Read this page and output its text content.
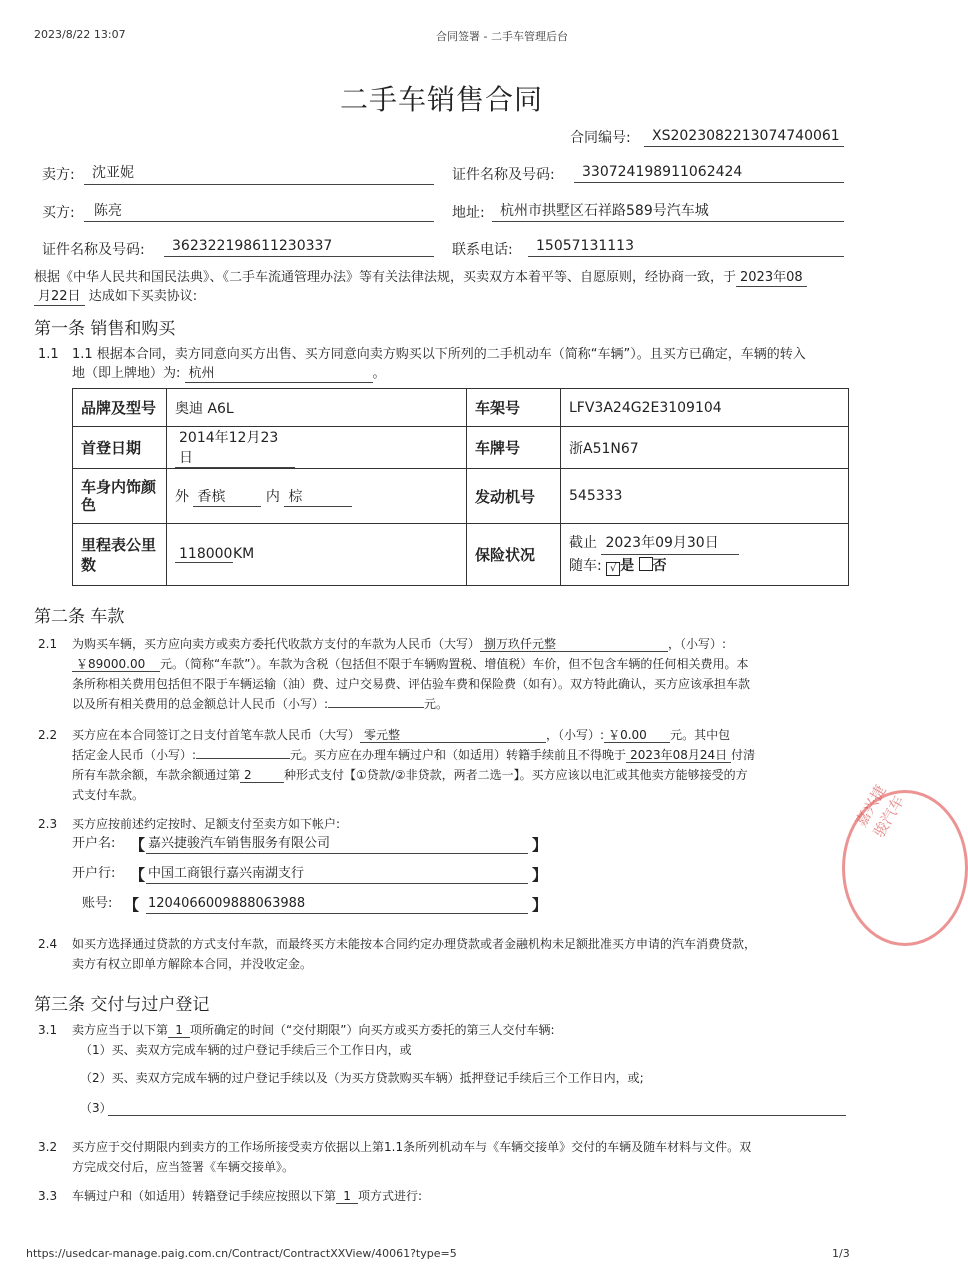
2023/8/22 13:07	合同签署 - 二手车管理后台
二手车销售合同
合同编号: XS2023082213074740061
卖方: 沈亚妮	证件名称及号码: 330724198911062424
买方: 陈亮	地址: 杭州市拱墅区石祥路589号汽车城
证件名称及号码: 362322198611230337	联系电话: 15057131113
根据《中华人民共和国民法典》、《二手车流通管理办法》等有关法律法规，买卖双方本着平等、自愿原则，经协商一致，于 2023年08
月22日 达成如下买卖协议:
第一条 销售和购买
1.1 1.1 根据本合同，卖方同意向买方出售、买方同意向卖方购买以下所列的二手机动车（简称“车辆”）。且买方已确定，车辆的转入
地（即上牌地）为: 杭州	。
品牌及型号	奥迪 A6L	车架号	LFV3A24G2E3109104
首登日期	2014年12月23日	车牌号	浙A51N67
车身内饰颜色	外 香槟 内 棕	发动机号	545333
里程表公里数	118000KM	保险状况	截止 2023年09月30日
随车: √ 是 否
第二条 车款
2.1 为购买车辆，买方应向卖方或卖方委托代收款方支付的车款为人民币（大写） 捌万玖仟元整	，（小写）:
￥89000.00 元。（简称“车款”）。车款为含税（包括但不限于车辆购置税、增值税）车价，但不包含车辆的任何相关费用。本
条所称相关费用包括但不限于车辆运输（油）费、过户交易费、评估验车费和保险费（如有）。双方特此确认，买方应该承担车款
以及所有相关费用的总金额总计人民币（小写）:	元。
2.2 买方应在本合同签订之日支付首笔车款人民币（大写） 零元整	，（小写）: ￥0.00 元。其中包
括定金人民币（小写）:	元。买方应在办理车辆过户和（如适用）转籍手续前且不得晚于 2023年08月24日 付清
所有车款余额，车款余额通过第 2	种形式支付【①贷款/②非贷款，两者二选一】。买方应该以电汇或其他卖方能够接受的方
式支付车款。
2.3 买方应按前述约定按时、足额支付至卖方如下帐户:
开户名: 【 嘉兴捷骏汽车销售服务有限公司	】
开户行: 【 中国工商银行嘉兴南湖支行	】
账号: 【 1204066009888063988	】
2.4 如买方选择通过贷款的方式支付车款，而最终买方未能按本合同约定办理贷款或者金融机构未足额批准买方申请的汽车消费贷款，
卖方有权立即单方解除本合同，并没收定金。
第三条 交付与过户登记
3.1 卖方应当于以下第 1 项所确定的时间（“交付期限”）向买方或买方委托的第三人交付车辆:
（1）买、卖双方完成车辆的过户登记手续后三个工作日内，或
（2）买、卖双方完成车辆的过户登记手续以及（为买方贷款购买车辆）抵押登记手续后三个工作日内，或;
（3）
3.2 买方应于交付期限内到卖方的工作场所接受卖方依据以上第1.1条所列机动车与《车辆交接单》交付的车辆及随车材料与文件。双
方完成交付后，应当签署《车辆交接单》。
3.3 车辆过户和（如适用）转籍登记手续应按照以下第 1 项方式进行:
嘉兴捷骏汽车
https://usedcar-manage.paig.com.cn/Contract/ContractXXView/40061?type=5	1/3
